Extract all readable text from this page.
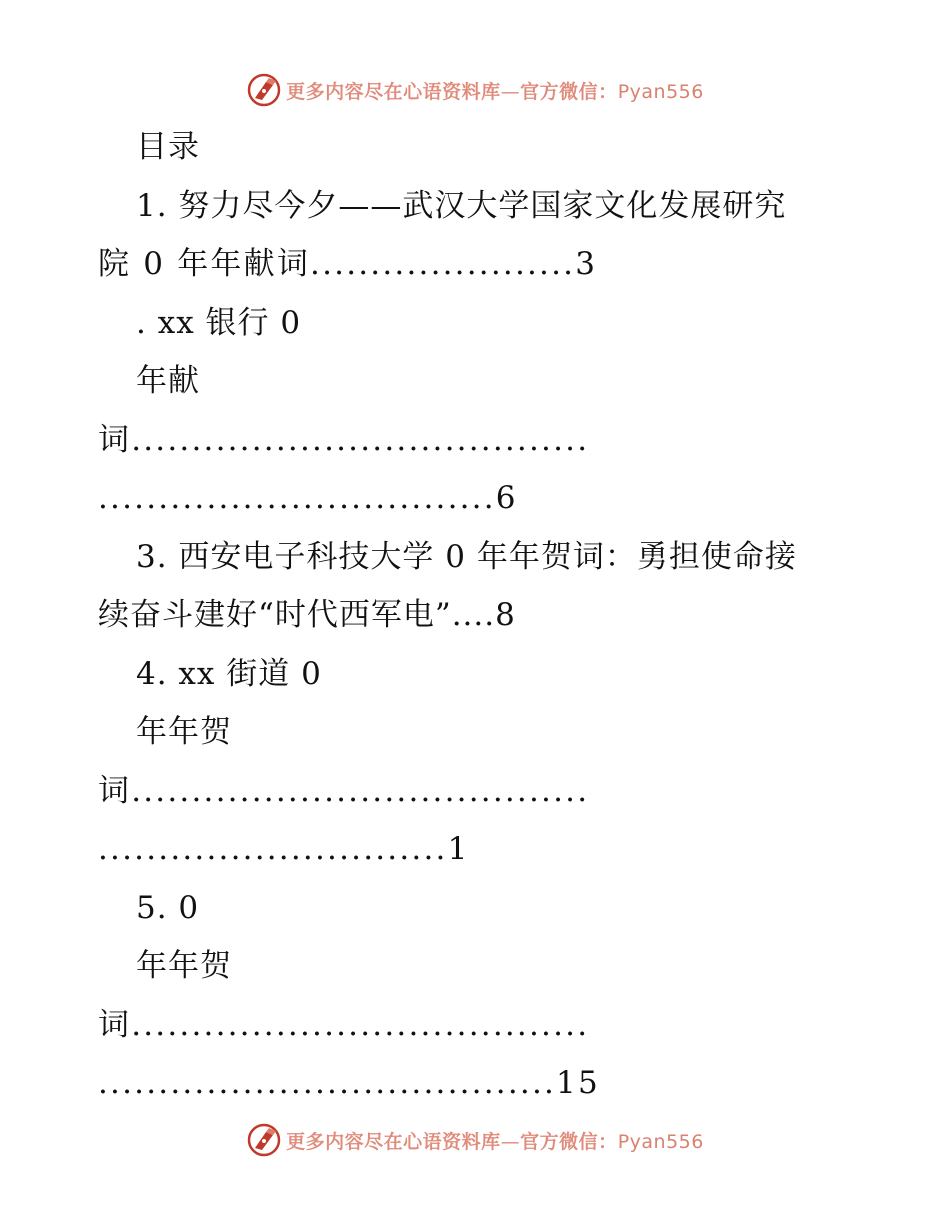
更多内容尽在心语资料库—官方微信：Pyan556
目录
1. 努力尽今夕——武汉大学国家文化发展研究
院 0 年年献词......................3
. xx 银行 0
年献
词......................................
.................................6
3. 西安电子科技大学 0 年年贺词：勇担使命接
续奋斗建好“时代西军电”....8
4. xx 街道 0
年年贺
词......................................
.............................1
5. 0
年年贺
词......................................
......................................15
更多内容尽在心语资料库—官方微信：Pyan556
